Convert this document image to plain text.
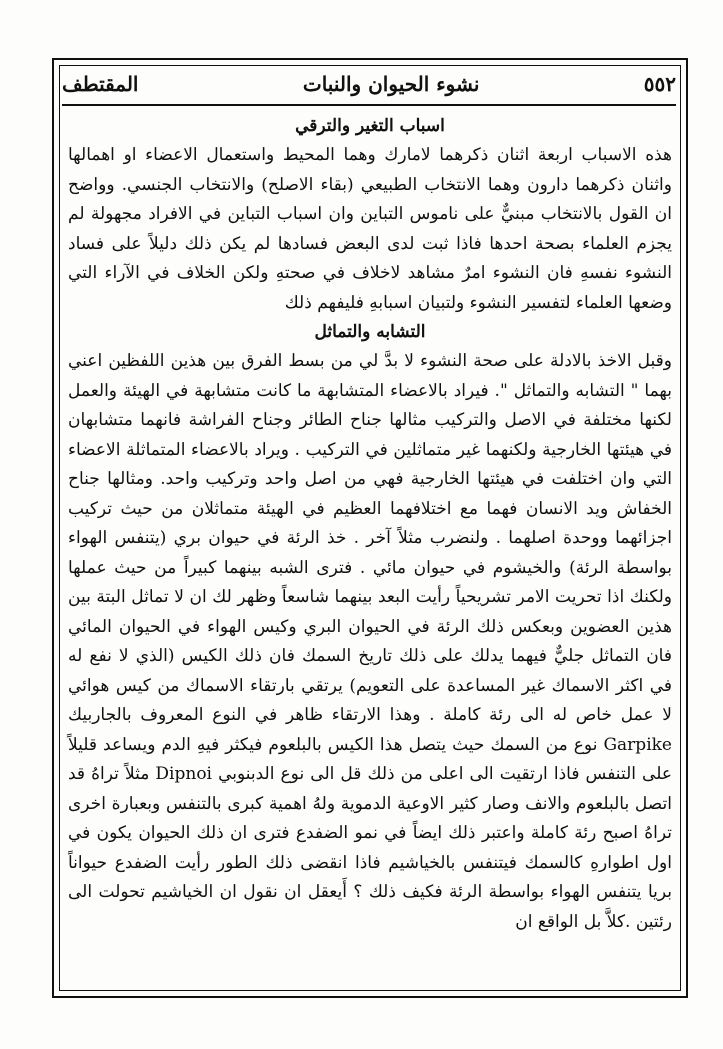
٥٥٢
نشوء الحيوان والنبات
المقتطف
اسباب التغير والترقي

هذه الاسباب اربعة اثنان ذكرهما لامارك وهما المحيط واستعمال الاعضاء او اهمالها واثنان ذكرهما دارون وهما الانتخاب الطبيعي (بقاء الاصلح) والانتخاب الجنسي. وواضح ان القول بالانتخاب مبنيٌّ على ناموس التباين وان اسباب التباين في الافراد مجهولة لم يجزم العلماء بصحة احدها فاذا ثبت لدى البعض فسادها لم يكن ذلك دليلاً على فساد النشوء نفسهِ فان النشوء امرٌ مشاهد لاخلاف في صحتهِ ولكن الخلاف في الآراء التي وضعها العلماء لتفسير النشوء ولتبيان اسبابهِ فليفهم ذلك

التشابه والتماثل

وقبل الاخذ بالادلة على صحة النشوء لا بدَّ لي من بسط الفرق بين هذين اللفظين اعني بهما " التشابه والتماثل ". فيراد بالاعضاء المتشابهة ما كانت متشابهة في الهيئة والعمل لكنها مختلفة في الاصل والتركيب مثالها جناح الطائر وجناح الفراشة فانهما متشابهان في هيئتها الخارجية ولكنهما غير متماثلين في التركيب . ويراد بالاعضاء المتماثلة الاعضاء التي وان اختلفت في هيئتها الخارجية فهي من اصل واحد وتركيب واحد. ومثالها جناح الخفاش ويد الانسان فهما مع اختلافهما العظيم في الهيئة متماثلان من حيث تركيب اجزائهما ووحدة اصلهما . ولنضرب مثلاً آخر . خذ الرئة في حيوان بري (يتنفس الهواء بواسطة الرئة) والخيشوم في حيوان مائي . فترى الشبه بينهما كبيراً من حيث عملها ولكنك اذا تحريت الامر تشريحياً رأيت البعد بينهما شاسعاً وظهر لك ان لا تماثل البتة بين هذين العضوين وبعكس ذلك الرئة في الحيوان البري وكيس الهواء في الحيوان المائي فان التماثل جليٌّ فيهما يدلك على ذلك تاريخ السمك فان ذلك الكيس (الذي لا نفع له في اكثر الاسماك غير المساعدة على التعويم) يرتقي بارتقاء الاسماك من كيس هوائي لا عمل خاص له الى رئة كاملة . وهذا الارتقاء ظاهر في النوع المعروف بالجاربيك Garpike نوع من السمك حيث يتصل هذا الكيس بالبلعوم فيكثر فيهِ الدم ويساعد قليلاً على التنفس فاذا ارتقيت الى اعلى من ذلك قل الى نوع الدبنوبي Dipnoi مثلاً تراهُ قد اتصل بالبلعوم والانف وصار كثير الاوعية الدموية ولهُ اهمية كبرى بالتنفس وبعبارة اخرى تراهُ اصبح رئة كاملة واعتبر ذلك ايضاً في نمو الضفدع فترى ان ذلك الحيوان يكون في اول اطوارهِ كالسمك فيتنفس بالخياشيم فاذا انقضى ذلك الطور رأيت الضفدع حيواناً بريا يتنفس الهواء بواسطة الرئة فكيف ذلك ؟ أَيعقل ان نقول ان الخياشيم تحولت الى رئتين .كلاَّ بل الواقع ان
